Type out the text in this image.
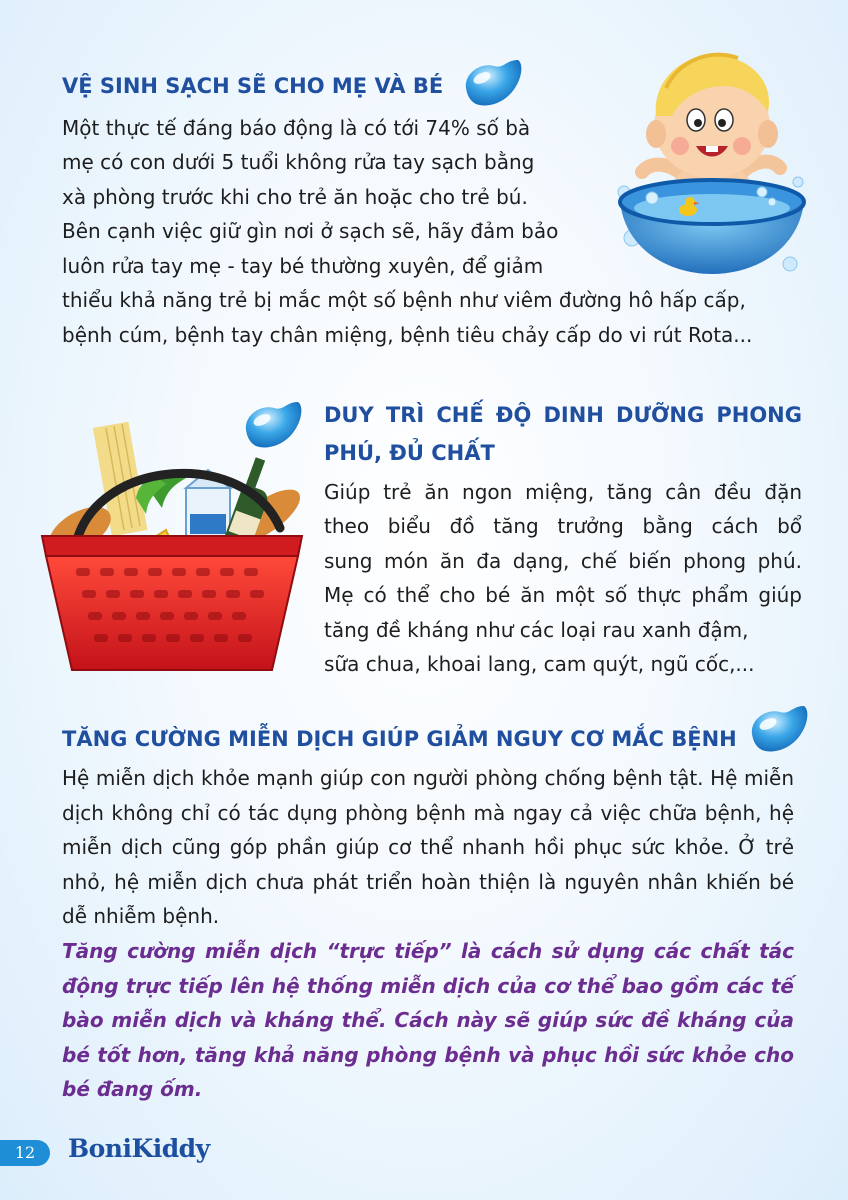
VỆ SINH SẠCH SẼ CHO MẸ VÀ BÉ

Một thực tế đáng báo động là có tới 74% số bà

mẹ có con dưới 5 tuổi không rửa tay sạch bằng

xà phòng trước khi cho trẻ ăn hoặc cho trẻ bú.

Bên cạnh việc giữ gìn nơi ở sạch sẽ, hãy đảm bảo

luôn rửa tay mẹ - tay bé thường xuyên, để giảm

thiểu khả năng trẻ bị mắc một số bệnh như viêm đường hô hấp cấp,

bệnh cúm, bệnh tay chân miệng, bệnh tiêu chảy cấp do vi rút Rota...

DUY TRÌ CHẾ ĐỘ DINH DƯỠNG PHONG
PHÚ, ĐỦ CHẤT

Giúp trẻ ăn ngon miệng, tăng cân đều đặn

theo biểu đồ tăng trưởng bằng cách bổ

sung món ăn đa dạng, chế biến phong phú.

Mẹ có thể cho bé ăn một số thực phẩm giúp

tăng đề kháng như các loại rau xanh đậm,

sữa chua, khoai lang, cam quýt, ngũ cốc,...

TĂNG CƯỜNG MIỄN DỊCH GIÚP GIẢM NGUY CƠ MẮC BỆNH

Hệ miễn dịch khỏe mạnh giúp con người phòng chống bệnh tật. Hệ miễn dịch không chỉ có tác dụng phòng bệnh mà ngay cả việc chữa bệnh, hệ miễn dịch cũng góp phần giúp cơ thể nhanh hồi phục sức khỏe. Ở trẻ nhỏ, hệ miễn dịch chưa phát triển hoàn thiện là nguyên nhân khiến bé dễ nhiễm bệnh.

Tăng cường miễn dịch “trực tiếp” là cách sử dụng các chất tác động trực tiếp lên hệ thống miễn dịch của cơ thể bao gồm các tế bào miễn dịch và kháng thể. Cách này sẽ giúp sức đề kháng của bé tốt hơn, tăng khả năng phòng bệnh và phục hồi sức khỏe cho bé đang ốm.

12	BoniKiddy
